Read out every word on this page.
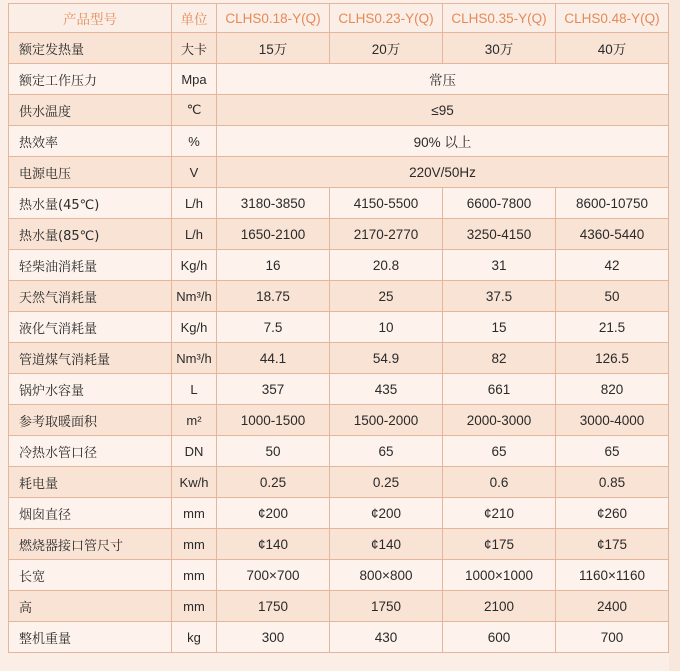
产品型号	单位	CLHS0.18-Y(Q)	CLHS0.23-Y(Q)	CLHS0.35-Y(Q)	CLHS0.48-Y(Q)
额定发热量	大卡	15万	20万	30万	40万
额定工作压力	Mpa	常压			
供水温度	℃	≤95			
热效率	%	90% 以上			
电源电压	V	220V/50Hz			
热水量(45℃)	L/h	3180-3850	4150-5500	6600-7800	8600-10750
热水量(85℃)	L/h	1650-2100	2170-2770	3250-4150	4360-5440
轻柴油消耗量	Kg/h	16	20.8	31	42
天然气消耗量	Nm³/h	18.75	25	37.5	50
液化气消耗量	Kg/h	7.5	10	15	21.5
管道煤气消耗量	Nm³/h	44.1	54.9	82	126.5
锅炉水容量	L	357	435	661	820
参考取暖面积	m²	1000-1500	1500-2000	2000-3000	3000-4000
冷热水管口径	DN	50	65	65	65
耗电量	Kw/h	0.25	0.25	0.6	0.85
烟囱直径	mm	¢200	¢200	¢210	¢260
燃烧器接口管尺寸	mm	¢140	¢140	¢175	¢175
长宽	mm	700×700	800×800	1000×1000	1160×1160
高	mm	1750	1750	2100	2400
整机重量	kg	300	430	600	700
